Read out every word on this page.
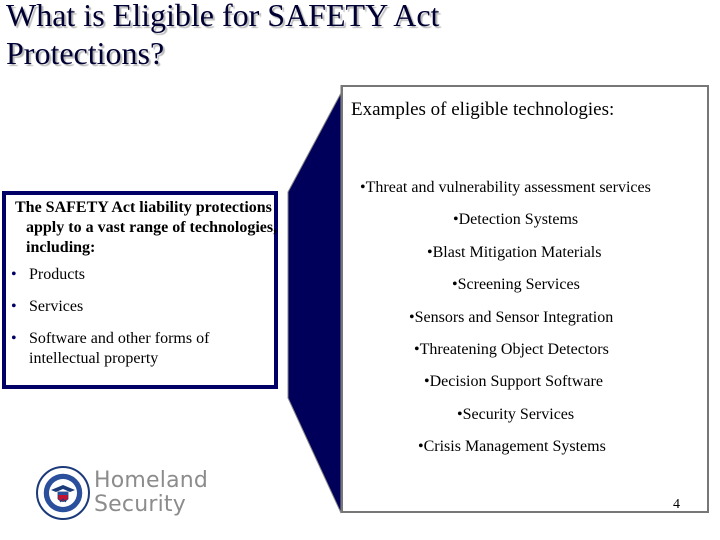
What is Eligible for SAFETY Act
Protections?
The SAFETY Act liability protections apply to a vast range of technologies, including:
• Products
• Services
• Software and other forms of intellectual property
Examples of eligible technologies:
•Threat and vulnerability assessment services
•Detection Systems
•Blast Mitigation Materials
•Screening Services
•Sensors and Sensor Integration
•Threatening Object Detectors
•Decision Support Software
•Security Services
•Crisis Management Systems
4
Homeland
Security
